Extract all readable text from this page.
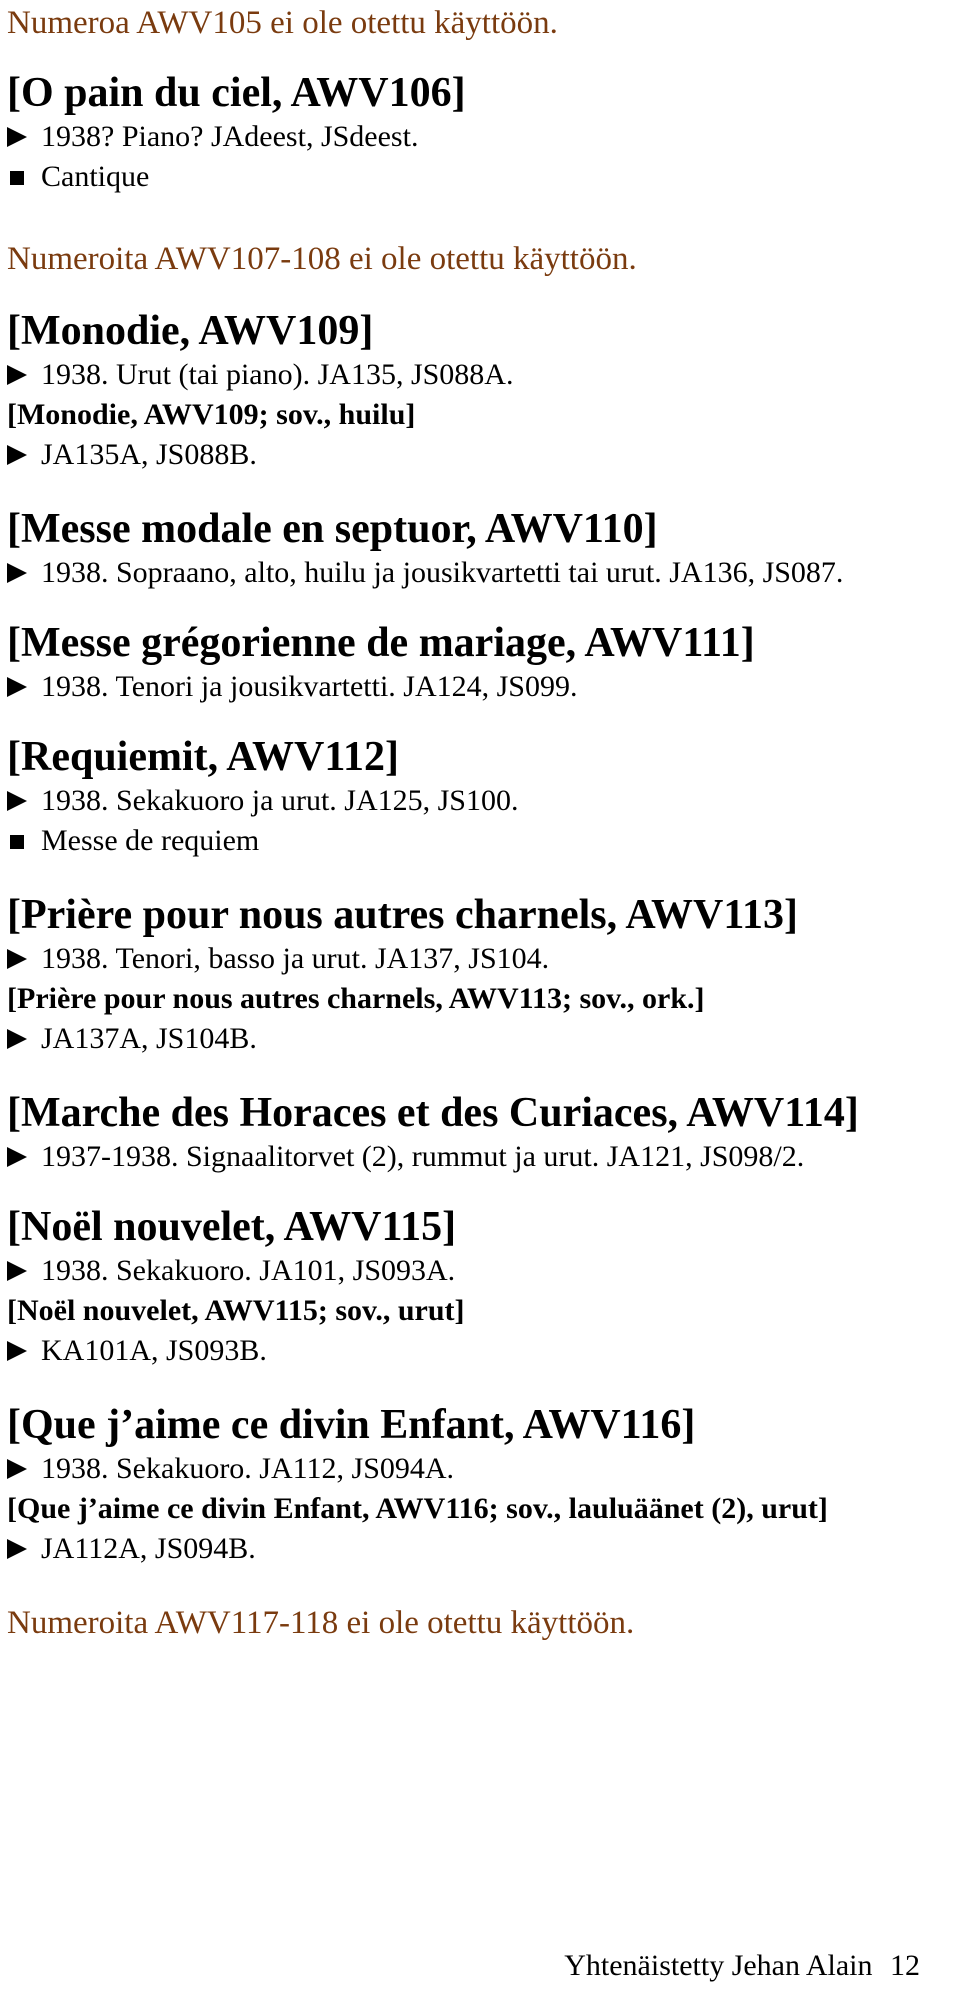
Numeroa AWV105 ei ole otettu käyttöön.

[O pain du ciel, AWV106]

1938? Piano? JAdeest, JSdeest.

Cantique

Numeroita AWV107-108 ei ole otettu käyttöön.

[Monodie, AWV109]

1938. Urut (tai piano). JA135, JS088A.

[Monodie, AWV109; sov., huilu]

JA135A, JS088B.

[Messe modale en septuor, AWV110]

1938. Sopraano, alto, huilu ja jousikvartetti tai urut. JA136, JS087.

[Messe grégorienne de mariage, AWV111]

1938. Tenori ja jousikvartetti. JA124, JS099.

[Requiemit, AWV112]

1938. Sekakuoro ja urut. JA125, JS100.

Messe de requiem

[Prière pour nous autres charnels, AWV113]

1938. Tenori, basso ja urut. JA137, JS104.

[Prière pour nous autres charnels, AWV113; sov., ork.]

JA137A, JS104B.

[Marche des Horaces et des Curiaces, AWV114]

1937-1938. Signaalitorvet (2), rummut ja urut. JA121, JS098/2.

[Noël nouvelet, AWV115]

1938. Sekakuoro. JA101, JS093A.

[Noël nouvelet, AWV115; sov., urut]

KA101A, JS093B.

[Que j’aime ce divin Enfant, AWV116]

1938. Sekakuoro. JA112, JS094A.

[Que j’aime ce divin Enfant, AWV116; sov., lauluäänet (2), urut]

JA112A, JS094B.

Numeroita AWV117-118 ei ole otettu käyttöön.

Yhtenäistetty Jehan Alain 12
